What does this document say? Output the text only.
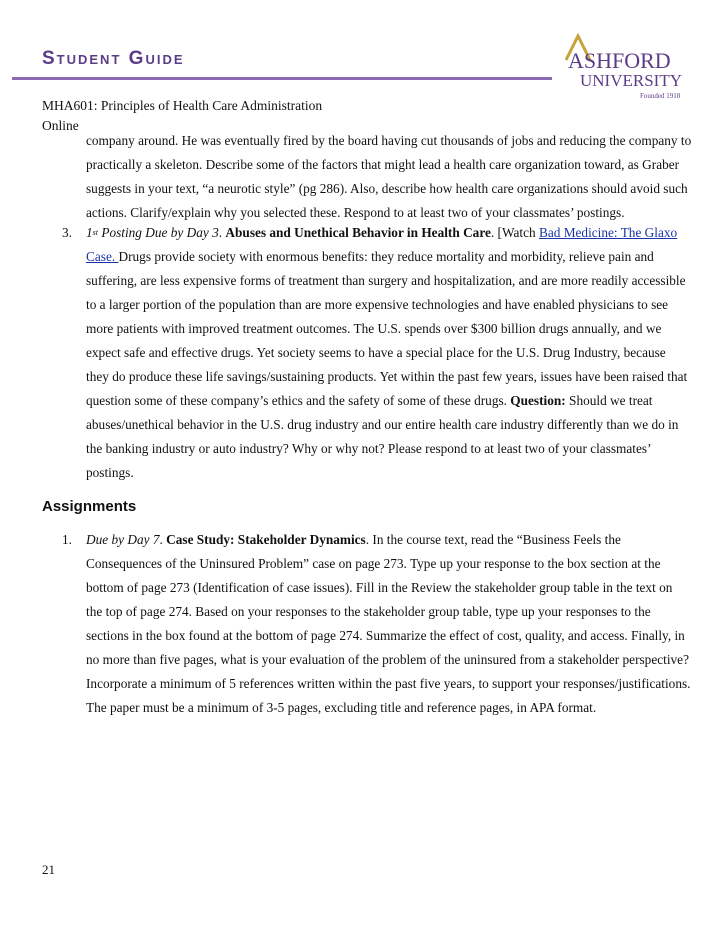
Student Guide	ASHFORD
UNIVERSITY
Founded 1918
MHA601: Principles of Health Care Administration
Online

company around. He was eventually fired by the board having cut thousands of jobs and reducing the company to

practically a skeleton. Describe some of the factors that might lead a health care organization toward, as Graber

suggests in your text, “a neurotic style” (pg 286). Also, describe how health care organizations should avoid such

actions. Clarify/explain why you selected these. Respond to at least two of your classmates’ postings.

3. 1st Posting Due by Day 3. Abuses and Unethical Behavior in Health Care. [Watch Bad Medicine: The Glaxo

Case. Drugs provide society with enormous benefits: they reduce mortality and morbidity, relieve pain and

suffering, are less expensive forms of treatment than surgery and hospitalization, and are more readily accessible

to a larger portion of the population than are more expensive technologies and have enabled physicians to see

more patients with improved treatment outcomes. The U.S. spends over $300 billion drugs annually, and we

expect safe and effective drugs. Yet society seems to have a special place for the U.S. Drug Industry, because

they do produce these life savings/sustaining products. Yet within the past few years, issues have been raised that

question some of these company’s ethics and the safety of some of these drugs. Question: Should we treat

abuses/unethical behavior in the U.S. drug industry and our entire health care industry differently than we do in

the banking industry or auto industry? Why or why not? Please respond to at least two of your classmates’

postings.

Assignments
1. Due by Day 7. Case Study: Stakeholder Dynamics. In the course text, read the “Business Feels the

Consequences of the Uninsured Problem” case on page 273. Type up your response to the box section at the

bottom of page 273 (Identification of case issues). Fill in the Review the stakeholder group table in the text on

the top of page 274. Based on your responses to the stakeholder group table, type up your responses to the

sections in the box found at the bottom of page 274. Summarize the effect of cost, quality, and access. Finally, in

no more than five pages, what is your evaluation of the problem of the uninsured from a stakeholder perspective?

Incorporate a minimum of 5 references written within the past five years, to support your responses/justifications.

The paper must be a minimum of 3-5 pages, excluding title and reference pages, in APA format.

21
